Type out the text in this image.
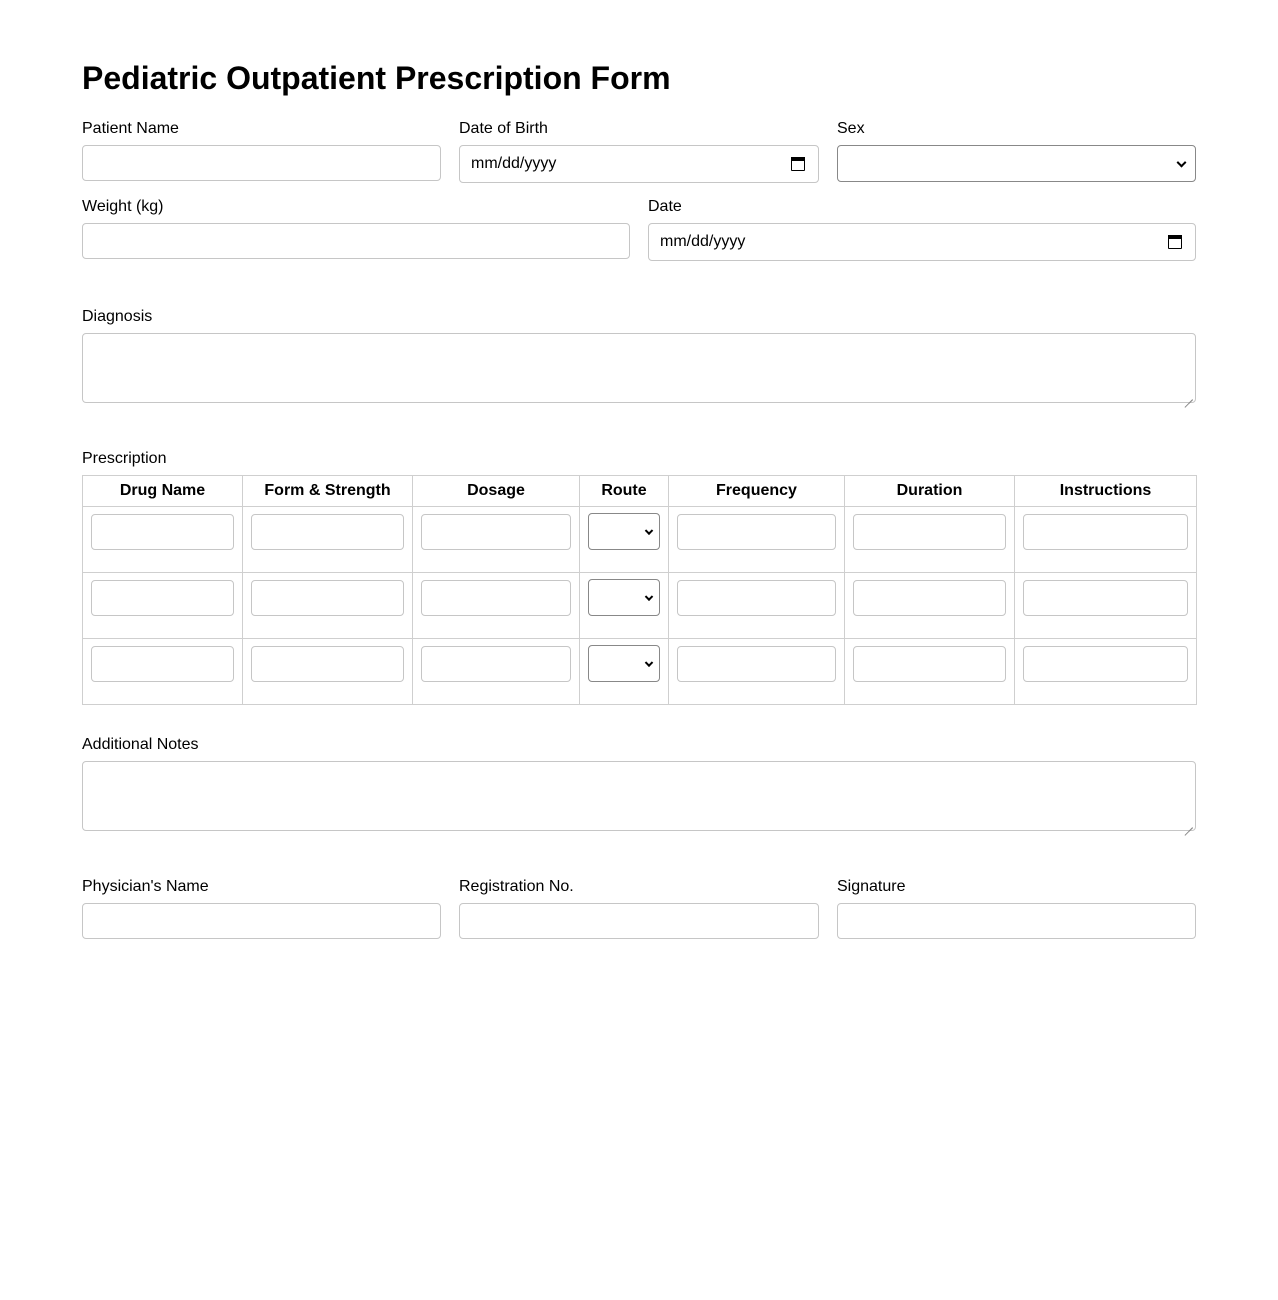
Pediatric Outpatient Prescription Form
Patient Name	Date of Birth
mm/dd/yyyy
Sex
Weight (kg)	Date
mm/dd/yyyy
Diagnosis
Prescription
Drug Name	Form & Strength	Dosage	Route	Frequency	Duration	Instructions

Additional Notes
Physician's Name	Registration No.	Signature
